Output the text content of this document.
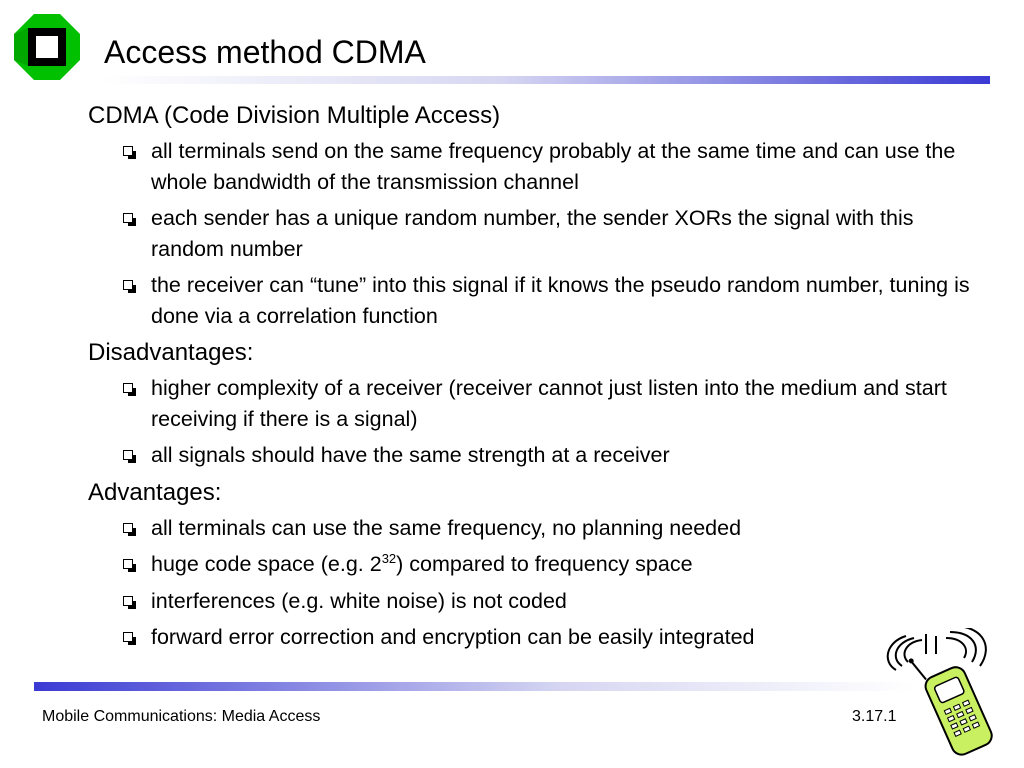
Access method CDMA

CDMA (Code Division Multiple Access)

all terminals send on the same frequency probably at the same time and can use the whole bandwidth of the transmission channel
each sender has a unique random number, the sender XORs the signal with this random number
the receiver can “tune” into this signal if it knows the pseudo random number, tuning is done via a correlation function

Disadvantages:

higher complexity of a receiver (receiver cannot just listen into the medium and start receiving if there is a signal)
all signals should have the same strength at a receiver

Advantages:

all terminals can use the same frequency, no planning needed
huge code space (e.g. $2^{32}$) compared to frequency space
interferences (e.g. white noise) is not coded
forward error correction and encryption can be easily integrated
Mobile Communications: Media Access	3.17.1
